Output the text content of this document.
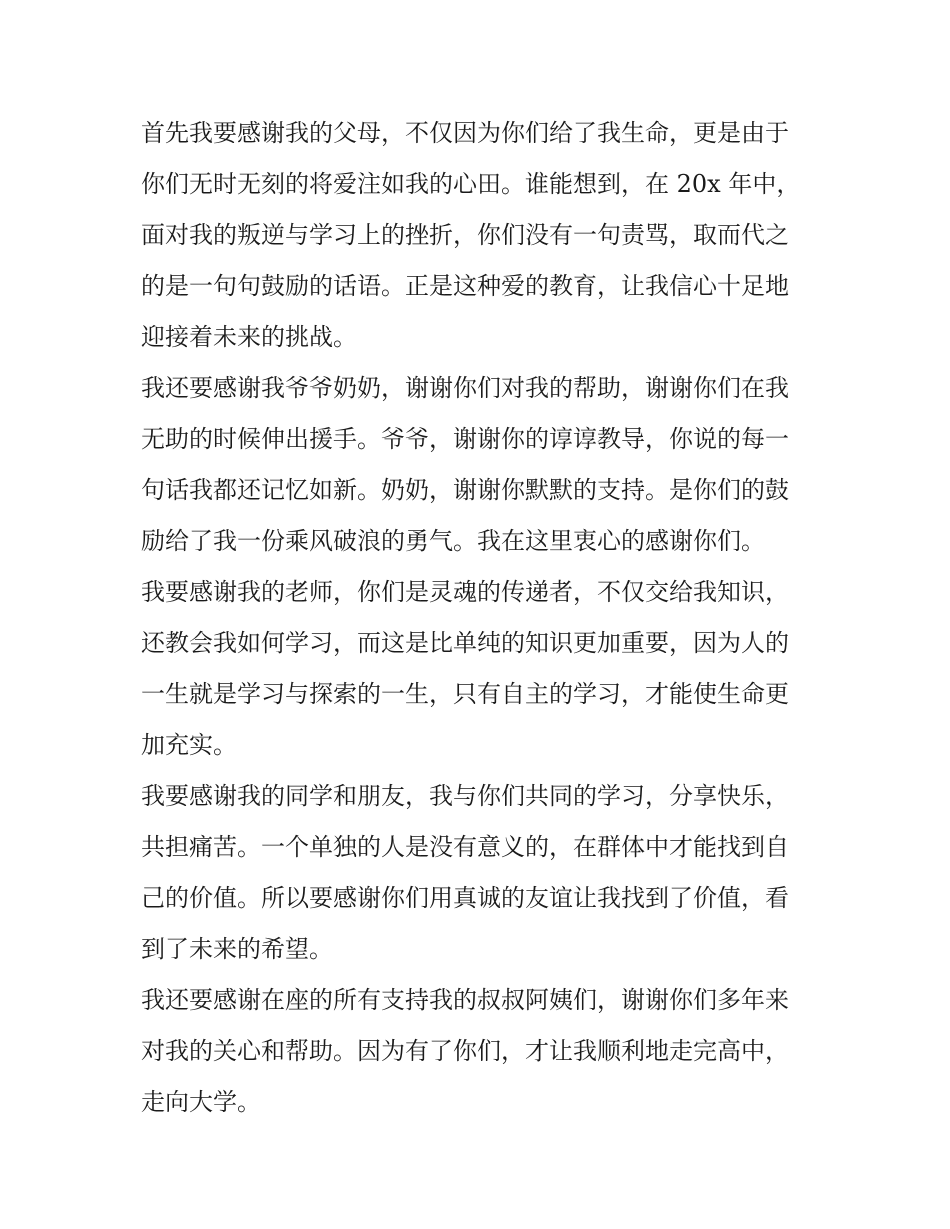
首先我要感谢我的父母，不仅因为你们给了我生命，更是由于
你们无时无刻的将爱注如我的心田。谁能想到，在 20x 年中，
面对我的叛逆与学习上的挫折，你们没有一句责骂，取而代之
的是一句句鼓励的话语。正是这种爱的教育，让我信心十足地
迎接着未来的挑战。
我还要感谢我爷爷奶奶，谢谢你们对我的帮助，谢谢你们在我
无助的时候伸出援手。爷爷，谢谢你的谆谆教导，你说的每一
句话我都还记忆如新。奶奶，谢谢你默默的支持。是你们的鼓
励给了我一份乘风破浪的勇气。我在这里衷心的感谢你们。
我要感谢我的老师，你们是灵魂的传递者，不仅交给我知识，
还教会我如何学习，而这是比单纯的知识更加重要，因为人的
一生就是学习与探索的一生，只有自主的学习，才能使生命更
加充实。
我要感谢我的同学和朋友，我与你们共同的学习，分享快乐，
共担痛苦。一个单独的人是没有意义的，在群体中才能找到自
己的价值。所以要感谢你们用真诚的友谊让我找到了价值，看
到了未来的希望。
我还要感谢在座的所有支持我的叔叔阿姨们，谢谢你们多年来
对我的关心和帮助。因为有了你们，才让我顺利地走完高中，
走向大学。
